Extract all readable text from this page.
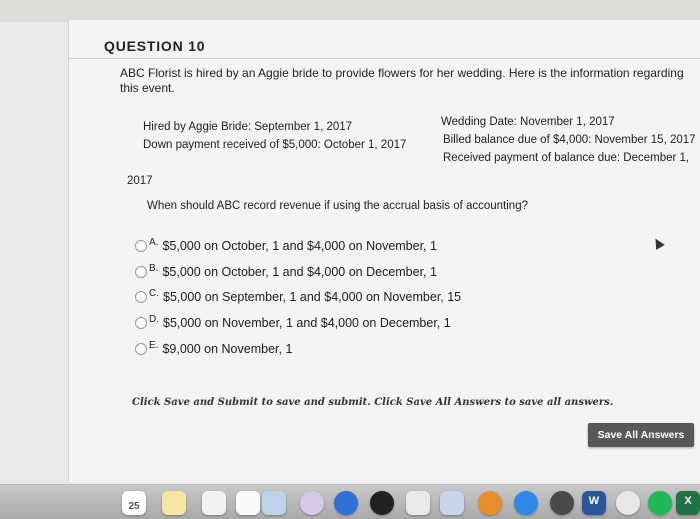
QUESTION 10
ABC Florist is hired by an Aggie bride to provide flowers for her wedding. Here is the information regarding this event.
Hired by Aggie Bride: September 1, 2017
Down payment received of $5,000: October 1, 2017
Wedding Date: November 1, 2017
Billed balance due of $4,000: November 15, 2017
Received payment of balance due: December 1,
2017
When should ABC record revenue if using the accrual basis of accounting?
A. $5,000 on October, 1 and $4,000 on November, 1
B. $5,000 on October, 1 and $4,000 on December, 1
C. $5,000 on September, 1 and $4,000 on November, 15
D. $5,000 on November, 1 and $4,000 on December, 1
E. $9,000 on November, 1
Click Save and Submit to save and submit. Click Save All Answers to save all answers.
Save All Answers
25	W	X
